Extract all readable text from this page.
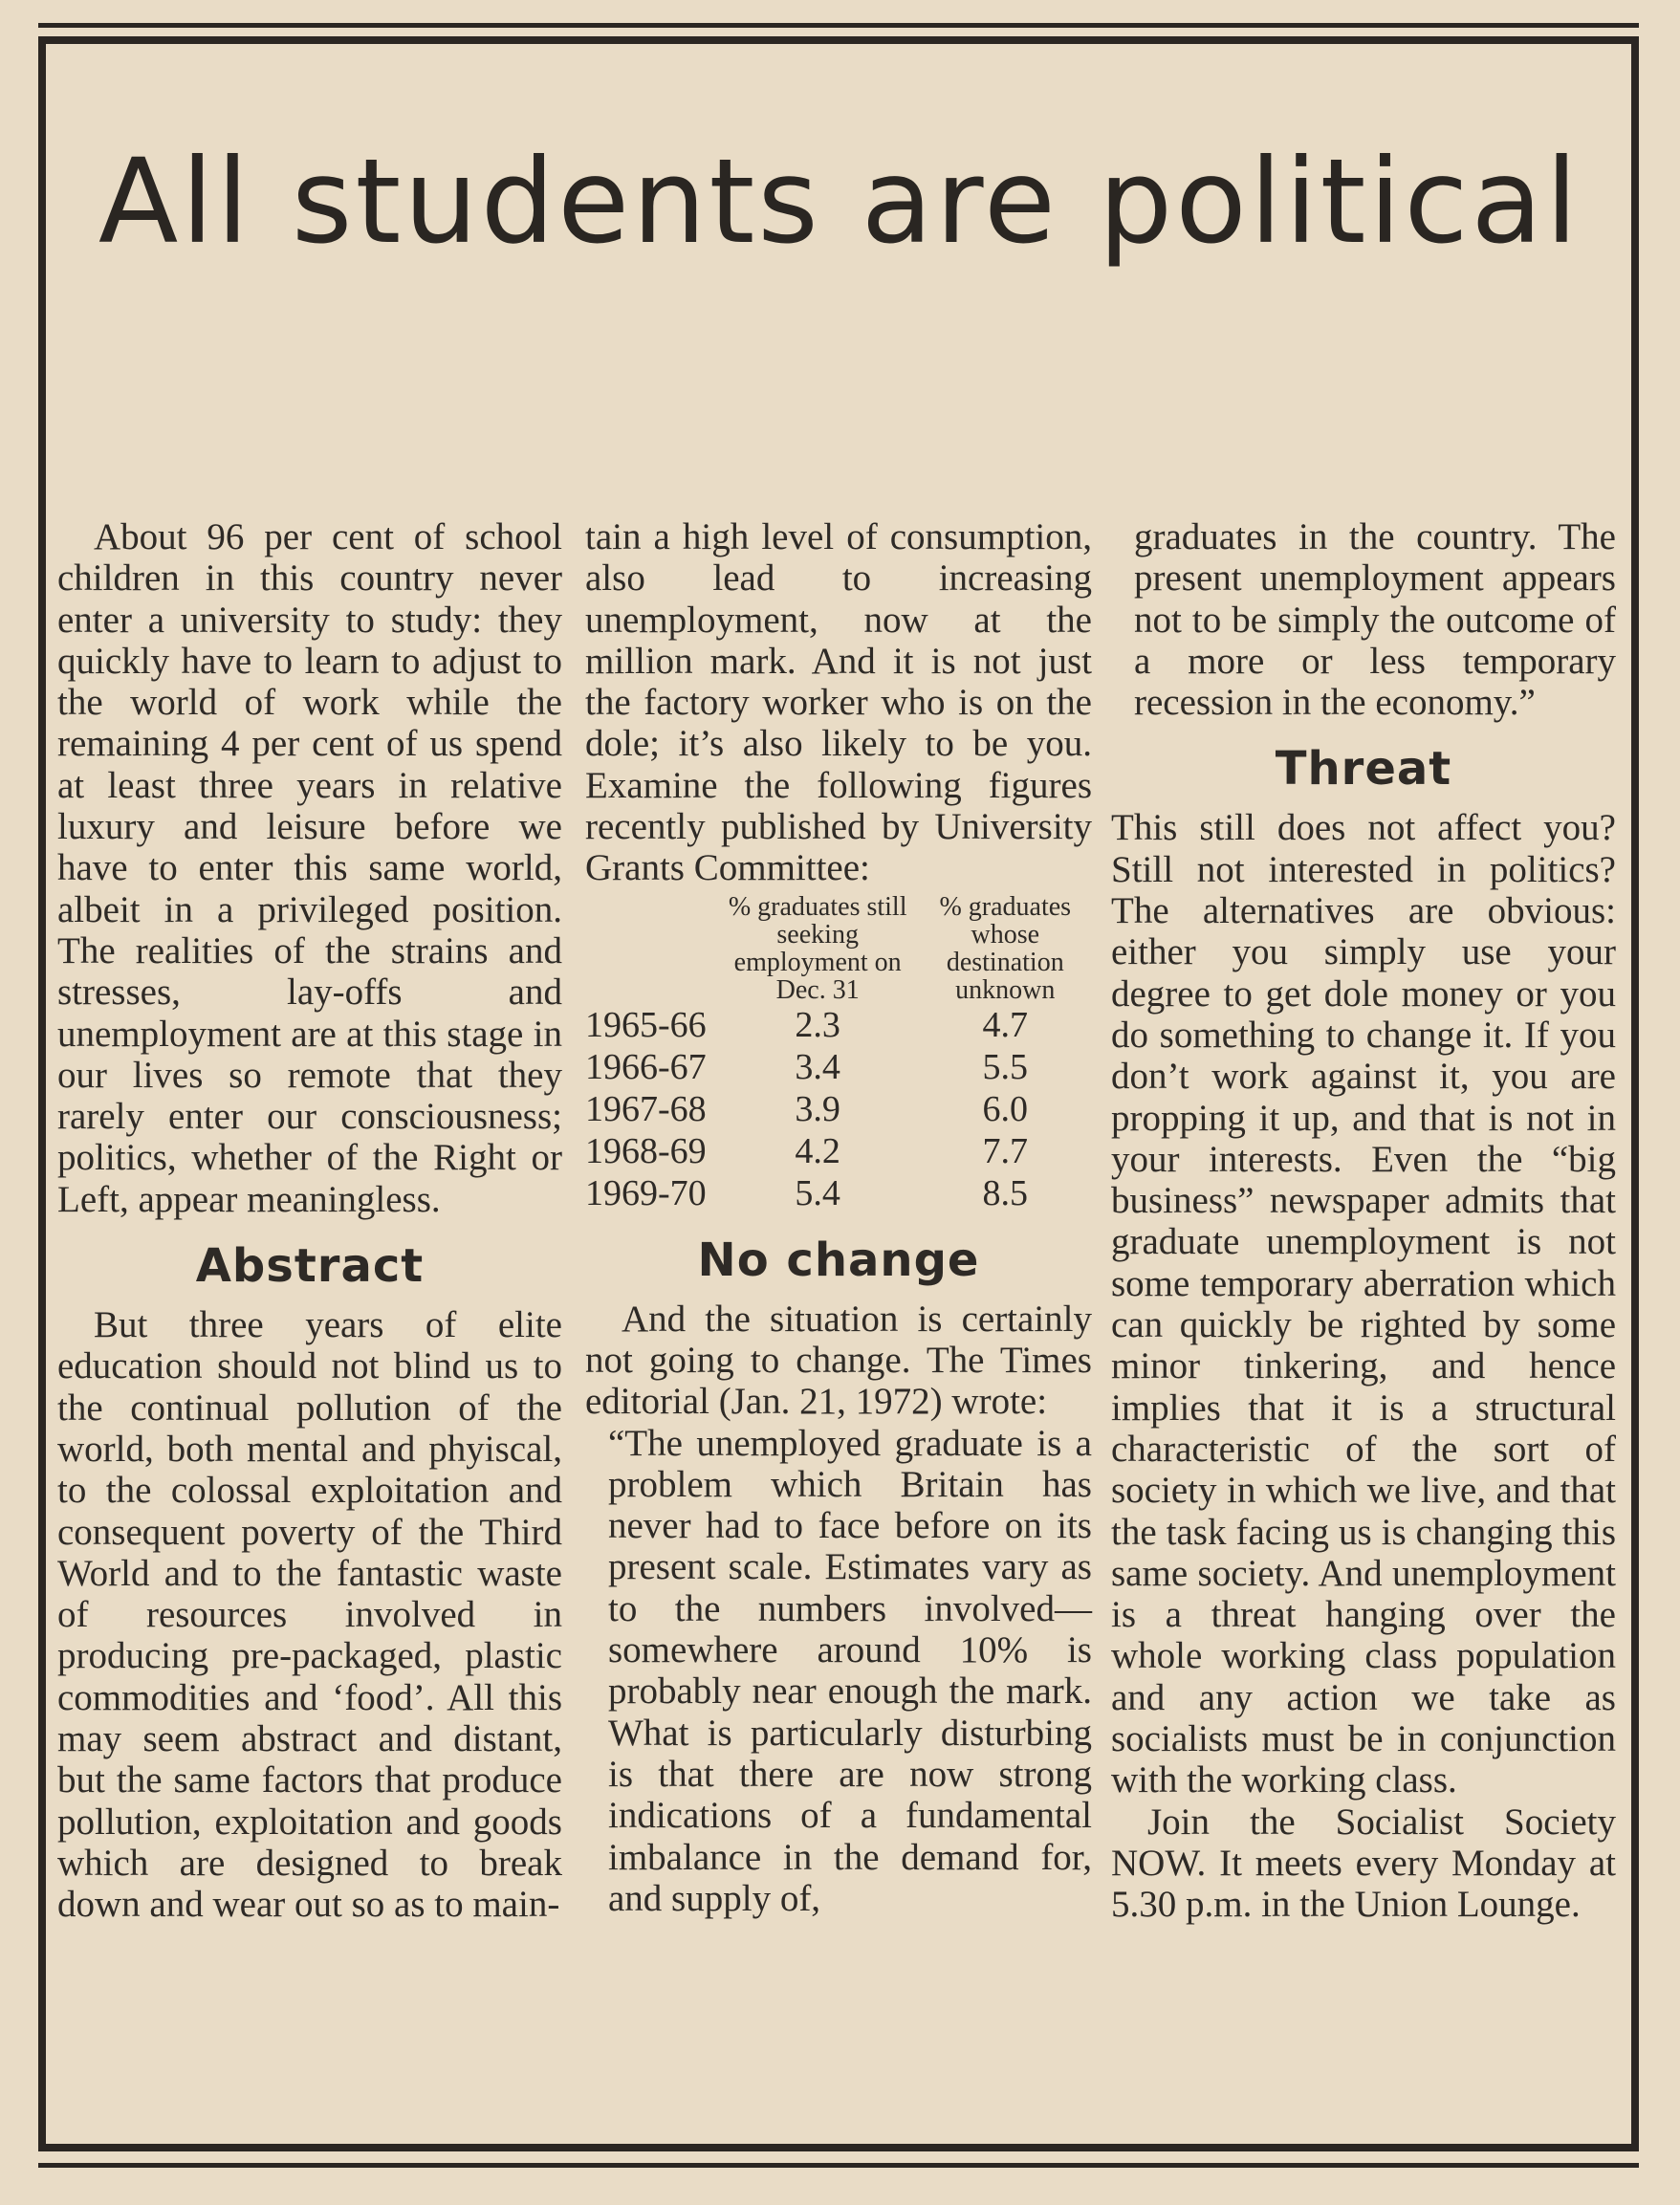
All students are political

About 96 per cent of school children in this country never enter a university to study: they quickly have to learn to adjust to the world of work while the remaining 4 per cent of us spend at least three years in relative luxury and leisure before we have to enter this same world, albeit in a privileged position. The realities of the strains and stresses, lay-offs and unemployment are at this stage in our lives so remote that they rarely enter our consciousness; politics, whether of the Right or Left, appear meaningless.

Abstract

But three years of elite education should not blind us to the continual pollution of the world, both mental and phyiscal, to the colossal exploitation and consequent poverty of the Third World and to the fantastic waste of resources involved in producing pre-packaged, plastic commodities and ‘food’. All this may seem abstract and distant, but the same factors that produce pollution, exploitation and goods which are designed to break down and wear out so as to main-

tain a high level of consumption, also lead to increasing unemployment, now at the million mark. And it is not just the factory worker who is on the dole; it’s also likely to be you. Examine the following figures recently published by University Grants Committee:

	% graduates still seeking employment on Dec. 31	% graduates whose destination unknown
1965-66	2.3	4.7
1966-67	3.4	5.5
1967-68	3.9	6.0
1968-69	4.2	7.7
1969-70	5.4	8.5
No change

And the situation is certainly not going to change. The Times editorial (Jan. 21, 1972) wrote:

“The unemployed graduate is a problem which Britain has never had to face before on its present scale. Estimates vary as to the numbers involved—somewhere around 10% is probably near enough the mark. What is particularly disturbing is that there are now strong indications of a fundamental imbalance in the demand for, and supply of,

graduates in the country. The present unemployment appears not to be simply the outcome of a more or less temporary recession in the economy.”

Threat

This still does not affect you? Still not interested in politics? The alternatives are obvious: either you simply use your degree to get dole money or you do something to change it. If you don’t work against it, you are propping it up, and that is not in your interests. Even the “big business” newspaper admits that graduate unemployment is not some temporary aberration which can quickly be righted by some minor tinkering, and hence implies that it is a structural characteristic of the sort of society in which we live, and that the task facing us is changing this same society. And unemployment is a threat hanging over the whole working class population and any action we take as socialists must be in conjunction with the working class.

Join the Socialist Society NOW. It meets every Monday at 5.30 p.m. in the Union Lounge.
